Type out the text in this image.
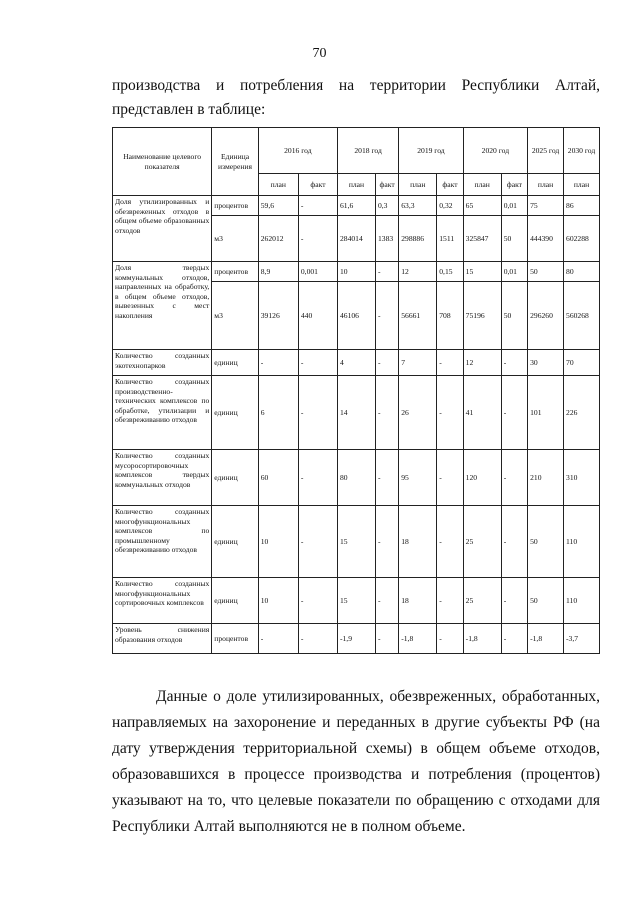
70
производства и потребления на территории Республики Алтай,
представлен в таблице:
Наименование целевого показателя	Единица измерения	2016 год		2018 год		2019 год		2020 год		2025 год	2030 год
		план	факт	план	факт	план	факт	план	факт	план	план
Доля утилизированных и обезвреженных отходов в общем объеме образованных отходов	процентов	59,6	-	61,6	0,3	63,3	0,32	65	0,01	75	86
	м3	262012	-	284014	1383	298886	1511	325847	50	444390	602288
Доля твердых коммунальных отходов, направленных на обработку, в общем объеме отходов, вывезенных с мест накопления	процентов	8,9	0,001	10	-	12	0,15	15	0,01	50	80
	м3	39126	440	46106	-	56661	708	75196	50	296260	560268
Количество созданных экотехнопарков	единиц	-	-	4	-	7	-	12	-	30	70
Количество созданных производственно-технических комплексов по обработке, утилизации и обезвреживанию отходов	единиц	6	-	14	-	26	-	41	-	101	226
Количество созданных мусоросортировочных комплексов твердых коммунальных отходов	единиц	60	-	80	-	95	-	120	-	210	310
Количество созданных многофункциональных комплексов по промышленному обезвреживанию отходов	единиц	10	-	15	-	18	-	25	-	50	110
Количество созданных многофункциональных сортировочных комплексов	единиц	10	-	15	-	18	-	25	-	50	110
Уровень снижения образования отходов	процентов	-	-	-1,9	-	-1,8	-	-1,8	-	-1,8	-3,7
Данные о доле утилизированных, обезвреженных, обработанных, направляемых на захоронение и переданных в другие субъекты РФ (на дату утверждения территориальной схемы) в общем объеме отходов, образовавшихся в процессе производства и потребления (процентов) указывают на то, что целевые показатели по обращению с отходами для Республики Алтай выполняются не в полном объеме.
